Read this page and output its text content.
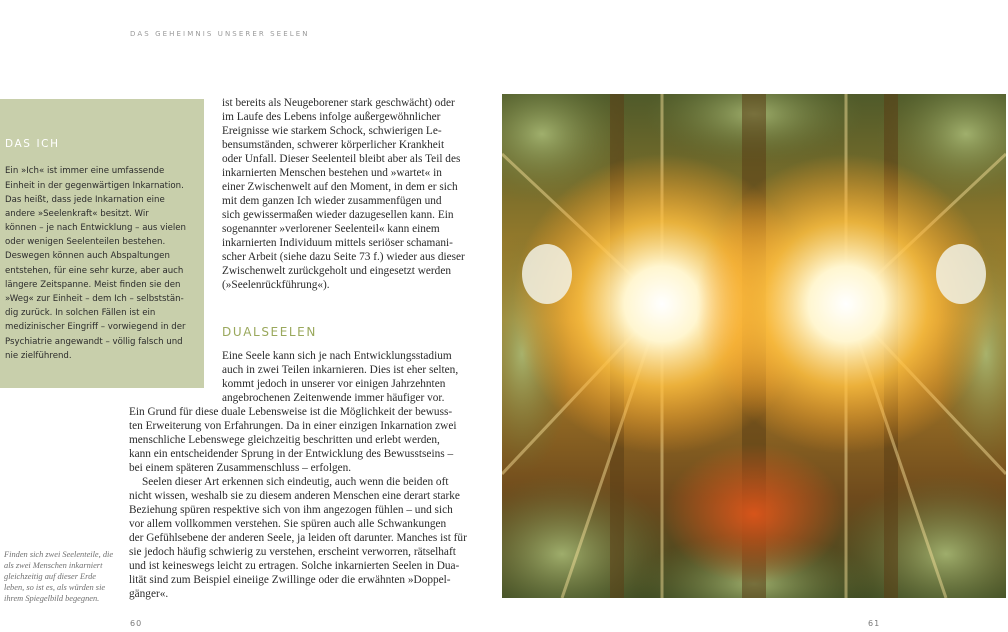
DAS GEHEIMNIS UNSERER SEELEN
DAS ICH
Ein »Ich« ist immer eine umfassende
Einheit in der gegenwärtigen Inkarnation.
Das heißt, dass jede Inkarnation eine
andere »Seelenkraft« besitzt. Wir
können – je nach Entwicklung – aus vielen
oder wenigen Seelenteilen bestehen.
Deswegen können auch Abspaltungen
entstehen, für eine sehr kurze, aber auch
längere Zeitspanne. Meist finden sie den
»Weg« zur Einheit – dem Ich – selbststän-
dig zurück. In solchen Fällen ist ein
medizinischer Eingriff – vorwiegend in der
Psychiatrie angewandt – völlig falsch und
nie zielführend.
ist bereits als Neugeborener stark geschwächt) oder
im Laufe des Lebens infolge außergewöhnlicher
Ereignisse wie starkem Schock, schwierigen Le-
bensumständen, schwerer körperlicher Krankheit
oder Unfall. Dieser Seelenteil bleibt aber als Teil des
inkarnierten Menschen bestehen und »wartet« in
einer Zwischenwelt auf den Moment, in dem er sich
mit dem ganzen Ich wieder zusammenfügen und
sich gewissermaßen wieder dazugesellen kann. Ein
sogenannter »verlorener Seelenteil« kann einem
inkarnierten Individuum mittels seriöser schamani-
scher Arbeit (siehe dazu Seite 73 f.) wieder aus dieser
Zwischenwelt zurückgeholt und eingesetzt werden
(»Seelenrückführung«).
DUALSEELEN
Eine Seele kann sich je nach Entwicklungsstadium
auch in zwei Teilen inkarnieren. Dies ist eher selten,
kommt jedoch in unserer vor einigen Jahrzehnten
angebrochenen Zeitenwende immer häufiger vor.
Ein Grund für diese duale Lebensweise ist die Möglichkeit der bewuss-
ten Erweiterung von Erfahrungen. Da in einer einzigen Inkarnation zwei
menschliche Lebenswege gleichzeitig beschritten und erlebt werden,
kann ein entscheidender Sprung in der Entwicklung des Bewusstseins –
bei einem späteren Zusammenschluss – erfolgen.
Seelen dieser Art erkennen sich eindeutig, auch wenn die beiden oft
nicht wissen, weshalb sie zu diesem anderen Menschen eine derart starke
Beziehung spüren respektive sich von ihm angezogen fühlen – und sich
vor allem vollkommen verstehen. Sie spüren auch alle Schwankungen
der Gefühlsebene der anderen Seele, ja leiden oft darunter. Manches ist für
sie jedoch häufig schwierig zu verstehen, erscheint verworren, rätselhaft
und ist keineswegs leicht zu ertragen. Solche inkarnierten Seelen in Dua-
lität sind zum Beispiel eineiige Zwillinge oder die erwähnten »Doppel-
gänger«.
Finden sich zwei Seelenteile, die
als zwei Menschen inkarniert
gleichzeitig auf dieser Erde
leben, so ist es, als würden sie
ihrem Spiegelbild begegnen.
60	61
